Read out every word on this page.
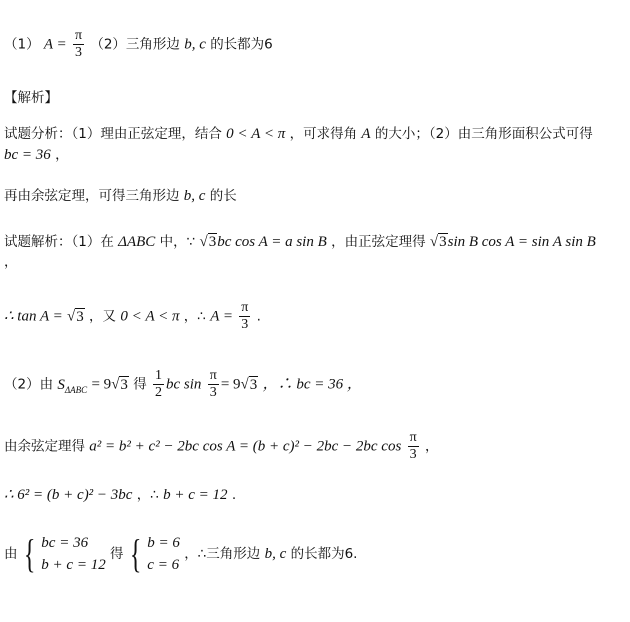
（1） $A = \frac{\pi}{3} (2)$三角形边 b, c 的长都为6
【解析】
试题分析：（1）理由正弦定理，结合 0 < A < π ，可求得角 A 的大小；（2）由三角形面积公式可得
bc = 36 ，
再由余弦定理，可得三角形边 b, c 的长
试题解析：（1）在 ΔABC 中，∵ √3bc cos A = a sin B ，由正弦定理得 √3sin B cos A = sin A sin B
，
∴ tan A = √3 ，又 0 < A < π ，∴ $A = \frac{\pi}{3}$ .
（2）由 $S_{\Delta ABC} = 9√3$ 得 $\frac{1}{2}$ bc $\sin \frac{\pi}{3} = 9√3$ ，∴ bc = 36 ，
由余弦定理得 a² = b² + c² − 2bc cos A = (b + c)² − 2bc − 2bc $\cos \frac{\pi}{3}$ ，
∴ 6² = (b + c)² − 3bc ，∴ b + c = 12 .
由 { bc = 36
b + c = 12
得 { b = 6
c = 6
，∴三角形边 b, c 的长都为6.
